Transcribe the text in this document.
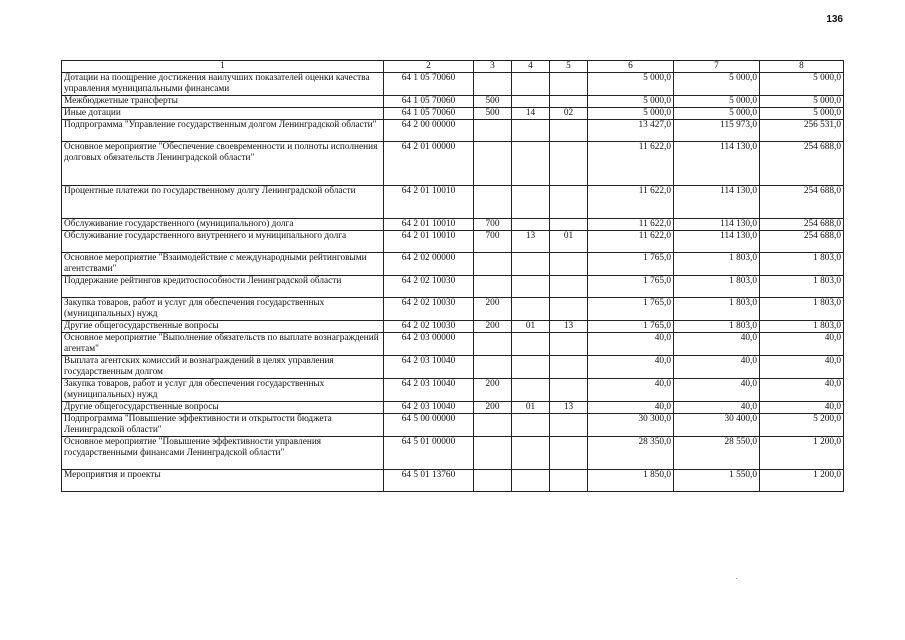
136
1	2	3	4	5	6	7	8
Дотации на поощрение достижения наилучших показателей оценки качества управления муниципальными финансами	64 1 05 70060				5 000,0	5 000,0	5 000,0
Межбюджетные трансферты	64 1 05 70060	500			5 000,0	5 000,0	5 000,0
Иные дотации	64 1 05 70060	500	14	02	5 000,0	5 000,0	5 000,0
Подпрограмма "Управление государственным долгом Ленинградской области"	64 2 00 00000				13 427,0	115 973,0	256 531,0
Основное мероприятие "Обеспечение своевременности и полноты исполнения долговых обязательств Ленинградской области"	64 2 01 00000				11 622,0	114 130,0	254 688,0
Процентные платежи по государственному долгу Ленинградской области	64 2 01 10010				11 622,0	114 130,0	254 688,0
Обслуживание государственного (муниципального) долга	64 2 01 10010	700			11 622,0	114 130,0	254 688,0
Обслуживание государственного внутреннего и муниципального долга	64 2 01 10010	700	13	01	11 622,0	114 130,0	254 688,0
Основное мероприятие "Взаимодействие с международными рейтинговыми агентствами"	64 2 02 00000				1 765,0	1 803,0	1 803,0
Поддержание рейтингов кредитоспособности Ленинградской области	64 2 02 10030				1 765,0	1 803,0	1 803,0
Закупка товаров, работ и услуг для обеспечения государственных (муниципальных) нужд	64 2 02 10030	200			1 765,0	1 803,0	1 803,0
Другие общегосударственные вопросы	64 2 02 10030	200	01	13	1 765,0	1 803,0	1 803,0
Основное мероприятие "Выполнение обязательств по выплате вознаграждений агентам"	64 2 03 00000				40,0	40,0	40,0
Выплата агентских комиссий и вознаграждений в целях управления государственным долгом	64 2 03 10040				40,0	40,0	40,0
Закупка товаров, работ и услуг для обеспечения государственных (муниципальных) нужд	64 2 03 10040	200			40,0	40,0	40,0
Другие общегосударственные вопросы	64 2 03 10040	200	01	13	40,0	40,0	40,0
Подпрограмма "Повышение эффективности и открытости бюджета Ленинградской области"	64 5 00 00000				30 300,0	30 400,0	5 200,0
Основное мероприятие "Повышение эффективности управления государственными финансами Ленинградской области"	64 5 01 00000				28 350,0	28 550,0	1 200,0
Мероприятия и проекты	64 5 01 13760				1 850,0	1 550,0	1 200,0
